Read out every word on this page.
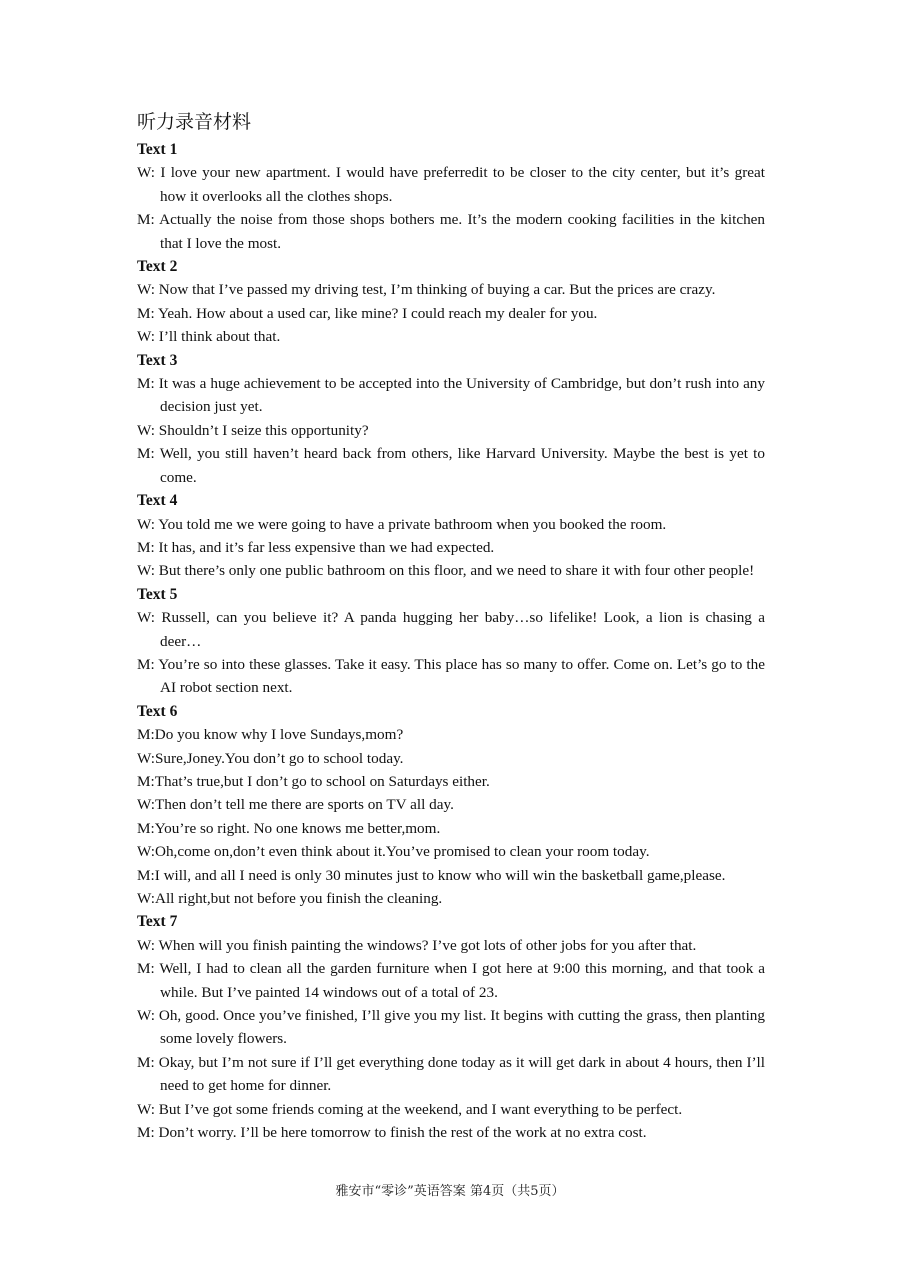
听力录音材料
Text 1
W: I love your new apartment. I would have preferredit to be closer to the city center, but it’s great how it overlooks all the clothes shops.
M: Actually the noise from those shops bothers me. It’s the modern cooking facilities in the kitchen that I love the most.
Text 2
W: Now that I’ve passed my driving test, I’m thinking of buying a car. But the prices are crazy.
M: Yeah. How about a used car, like mine? I could reach my dealer for you.
W: I’ll think about that.
Text 3
M: It was a huge achievement to be accepted into the University of Cambridge, but don’t rush into any decision just yet.
W: Shouldn’t I seize this opportunity?
M: Well, you still haven’t heard back from others, like Harvard University. Maybe the best is yet to come.
Text 4
W: You told me we were going to have a private bathroom when you booked the room.
M: It has, and it’s far less expensive than we had expected.
W: But there’s only one public bathroom on this floor, and we need to share it with four other people!
Text 5
W: Russell, can you believe it? A panda hugging her baby…so lifelike! Look, a lion is chasing a deer…
M: You’re so into these glasses. Take it easy. This place has so many to offer. Come on. Let’s go to the AI robot section next.
Text 6
M:Do you know why I love Sundays,mom?
W:Sure,Joney.You don’t go to school today.
M:That’s true,but I don’t go to school on Saturdays either.
W:Then don’t tell me there are sports on TV all day.
M:You’re so right. No one knows me better,mom.
W:Oh,come on,don’t even think about it.You’ve promised to clean your room today.
M:I will, and all I need is only 30 minutes just to know who will win the basketball game,please.
W:All right,but not before you finish the cleaning.
Text 7
W: When will you finish painting the windows? I’ve got lots of other jobs for you after that.
M: Well, I had to clean all the garden furniture when I got here at 9:00 this morning, and that took a while. But I’ve painted 14 windows out of a total of 23.
W: Oh, good. Once you’ve finished, I’ll give you my list. It begins with cutting the grass, then planting some lovely flowers.
M: Okay, but I’m not sure if I’ll get everything done today as it will get dark in about 4 hours, then I’ll need to get home for dinner.
W: But I’ve got some friends coming at the weekend, and I want everything to be perfect.
M: Don’t worry. I’ll be here tomorrow to finish the rest of the work at no extra cost.
雅安市“零诊”英语答案 第4页（共5页）
